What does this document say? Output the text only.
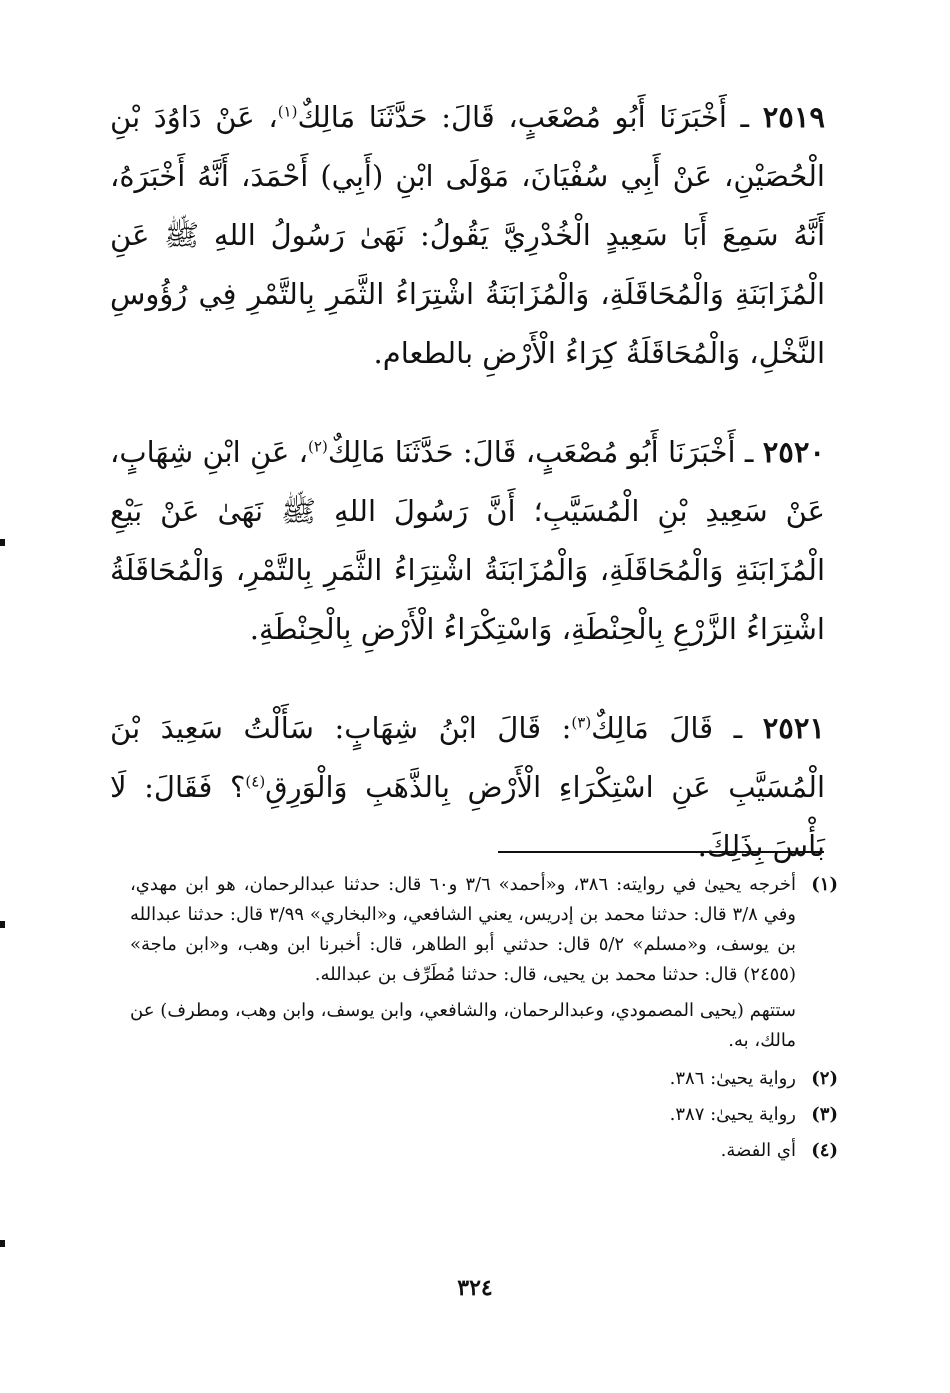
٢٥١٩ ـ أَخْبَرَنَا أَبُو مُصْعَبٍ، قَالَ: حَدَّثَنَا مَالِكٌ$^{(١)}$، عَنْ دَاوُدَ بْنِ الْحُصَيْنِ، عَنْ أَبِي سُفْيَانَ، مَوْلَى ابْنِ (أَبِي) أَحْمَدَ، أَنَّهُ أَخْبَرَهُ، أَنَّهُ سَمِعَ أَبَا سَعِيدٍ الْخُدْرِيَّ يَقُولُ: نَهَىٰ رَسُولُ اللهِ ﷺ عَنِ الْمُزَابَنَةِ وَالْمُحَاقَلَةِ، وَالْمُزَابَنَةُ اشْتِرَاءُ الثَّمَرِ بِالتَّمْرِ فِي رُؤُوسِ النَّخْلِ، وَالْمُحَاقَلَةُ كِرَاءُ الْأَرْضِ بالطعام.

٢٥٢٠ ـ أَخْبَرَنَا أَبُو مُصْعَبٍ، قَالَ: حَدَّثَنَا مَالِكٌ$^{(٢)}$، عَنِ ابْنِ شِهَابٍ، عَنْ سَعِيدِ بْنِ الْمُسَيَّبِ؛ أَنَّ رَسُولَ اللهِ ﷺ نَهَىٰ عَنْ بَيْعِ الْمُزَابَنَةِ وَالْمُحَاقَلَةِ، وَالْمُزَابَنَةُ اشْتِرَاءُ الثَّمَرِ بِالتَّمْرِ، وَالْمُحَاقَلَةُ اشْتِرَاءُ الزَّرْعِ بِالْحِنْطَةِ، وَاسْتِكْرَاءُ الْأَرْضِ بِالْحِنْطَةِ.

٢٥٢١ ـ قَالَ مَالِكٌ$^{(٣)}$: قَالَ ابْنُ شِهَابٍ: سَأَلْتُ سَعِيدَ بْنَ الْمُسَيَّبِ عَنِ اسْتِكْرَاءِ الْأَرْضِ بِالذَّهَبِ وَالْوَرِقِ$^{(٤)}$؟ فَقَالَ: لَا بَأْسَ بِذَلِكَ.

(١)
أخرجه يحيىٰ في روايته: ٣٨٦، و«أحمد» ٣/٦ و٦٠ قال: حدثنا عبدالرحمان، هو ابن مهدي، وفي ٣/٨ قال: حدثنا محمد بن إدريس، يعني الشافعي، و«البخاري» ٣/٩٩ قال: حدثنا عبدالله بن يوسف، و«مسلم» ٥/٢ قال: حدثني أبو الطاهر، قال: أخبرنا ابن وهب، و«ابن ماجة» (٢٤٥٥) قال: حدثنا محمد بن يحيى، قال: حدثنا مُطَرِّف بن عبدالله.
ستتهم (يحيى المصمودي، وعبدالرحمان، والشافعي، وابن يوسف، وابن وهب، ومطرف) عن مالك، به.
(٢)
رواية يحيىٰ: ٣٨٦.
(٣)
رواية يحيىٰ: ٣٨٧.
(٤)
أي الفضة.
٣٢٤
